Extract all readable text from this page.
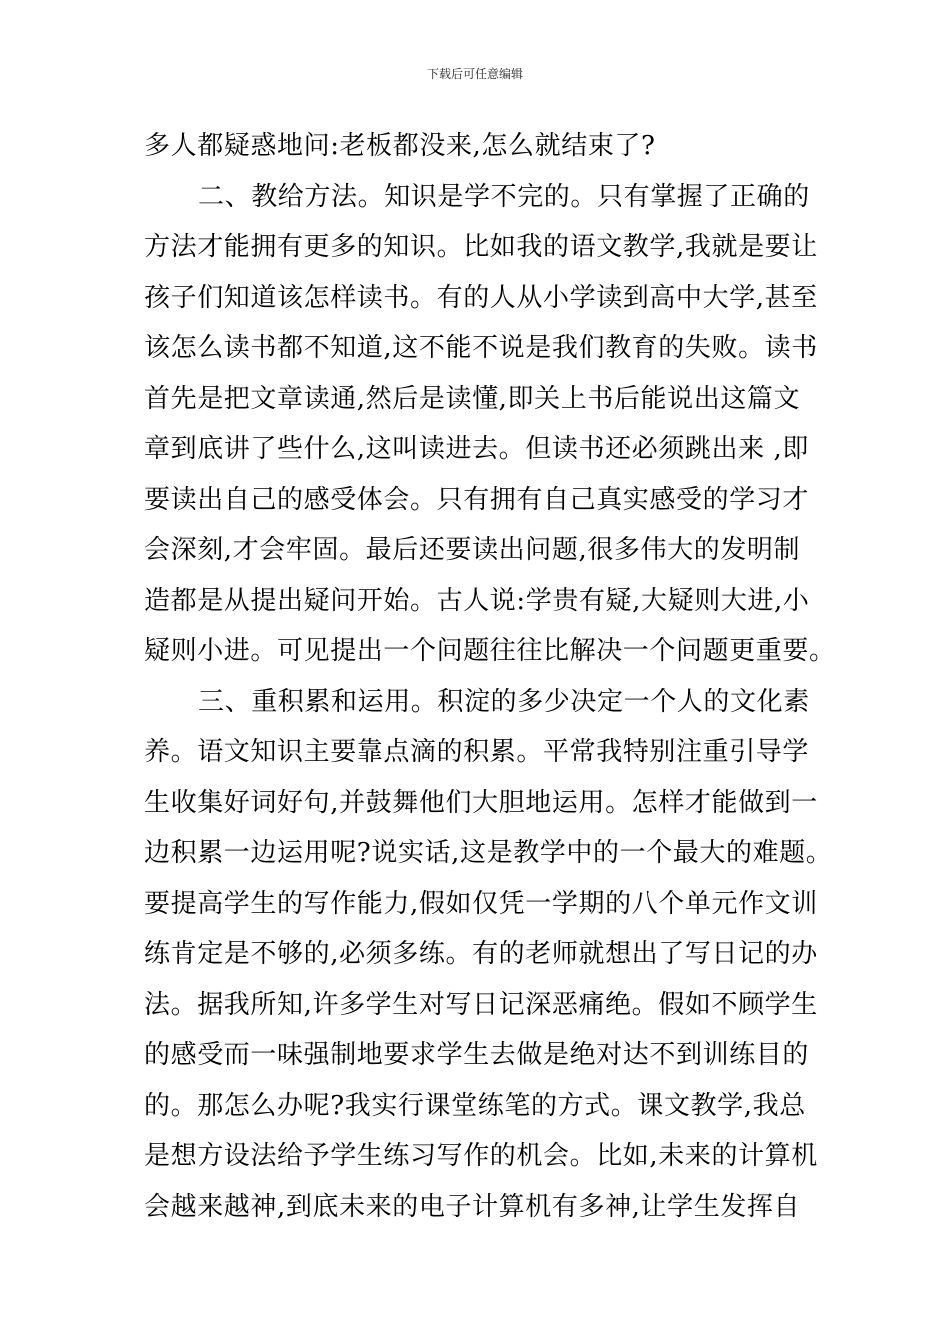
下载后可任意编辑
多人都疑惑地问:老板都没来,怎么就结束了?
二、教给方法。知识是学不完的。只有掌握了正确的
方法才能拥有更多的知识。比如我的语文教学,我就是要让
孩子们知道该怎样读书。有的人从小学读到高中大学,甚至
该怎么读书都不知道,这不能不说是我们教育的失败。读书
首先是把文章读通,然后是读懂,即关上书后能说出这篇文
章到底讲了些什么,这叫读进去。但读书还必须跳出来 ,即
要读出自己的感受体会。只有拥有自己真实感受的学习才
会深刻,才会牢固。最后还要读出问题,很多伟大的发明制
造都是从提出疑问开始。古人说:学贵有疑,大疑则大进,小
疑则小进。可见提出一个问题往往比解决一个问题更重要。
三、重积累和运用。积淀的多少决定一个人的文化素
养。语文知识主要靠点滴的积累。平常我特别注重引导学
生收集好词好句,并鼓舞他们大胆地运用。怎样才能做到一
边积累一边运用呢?说实话,这是教学中的一个最大的难题。
要提高学生的写作能力,假如仅凭一学期的八个单元作文训
练肯定是不够的,必须多练。有的老师就想出了写日记的办
法。据我所知,许多学生对写日记深恶痛绝。假如不顾学生
的感受而一味强制地要求学生去做是绝对达不到训练目的
的。那怎么办呢?我实行课堂练笔的方式。课文教学,我总
是想方设法给予学生练习写作的机会。比如,未来的计算机
会越来越神,到底未来的电子计算机有多神,让学生发挥自
